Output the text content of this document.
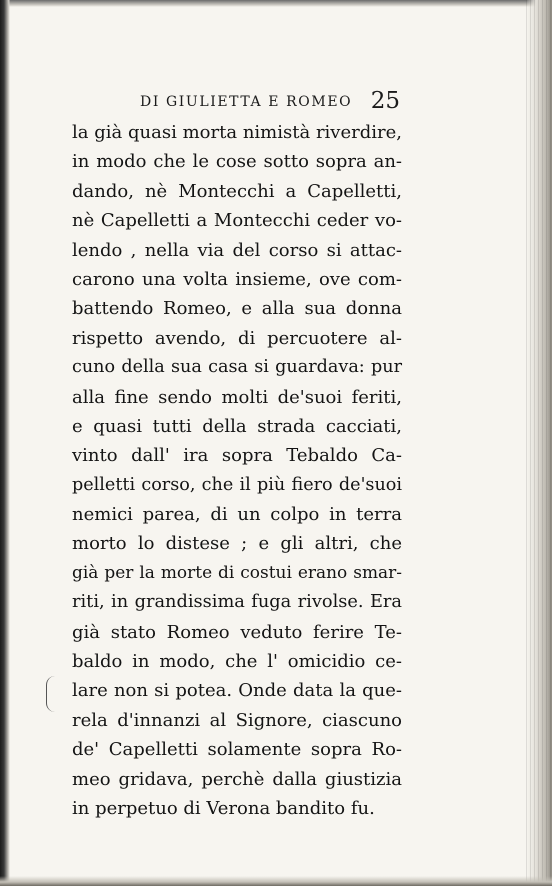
DI GIULIETTA E ROMEO 25
la già quasi morta nimistà riverdire,
in modo che le cose sotto sopra an-
dando, nè Montecchi a Capelletti,
nè Capelletti a Montecchi ceder vo-
lendo , nella via del corso si attac-
carono una volta insieme, ove com-
battendo Romeo, e alla sua donna
rispetto avendo, di percuotere al-
cuno della sua casa si guardava: pur
alla fine sendo molti de'suoi feriti,
e quasi tutti della strada cacciati,
vinto dall' ira sopra Tebaldo Ca-
pelletti corso, che il più fiero de'suoi
nemici parea, di un colpo in terra
morto lo distese ; e gli altri, che
già per la morte di costui erano smar-
riti, in grandissima fuga rivolse. Era
già stato Romeo veduto ferire Te-
baldo in modo, che l' omicidio ce-
lare non si potea. Onde data la que-
rela d'innanzi al Signore, ciascuno
de' Capelletti solamente sopra Ro-
meo gridava, perchè dalla giustizia
in perpetuo di Verona bandito fu.
